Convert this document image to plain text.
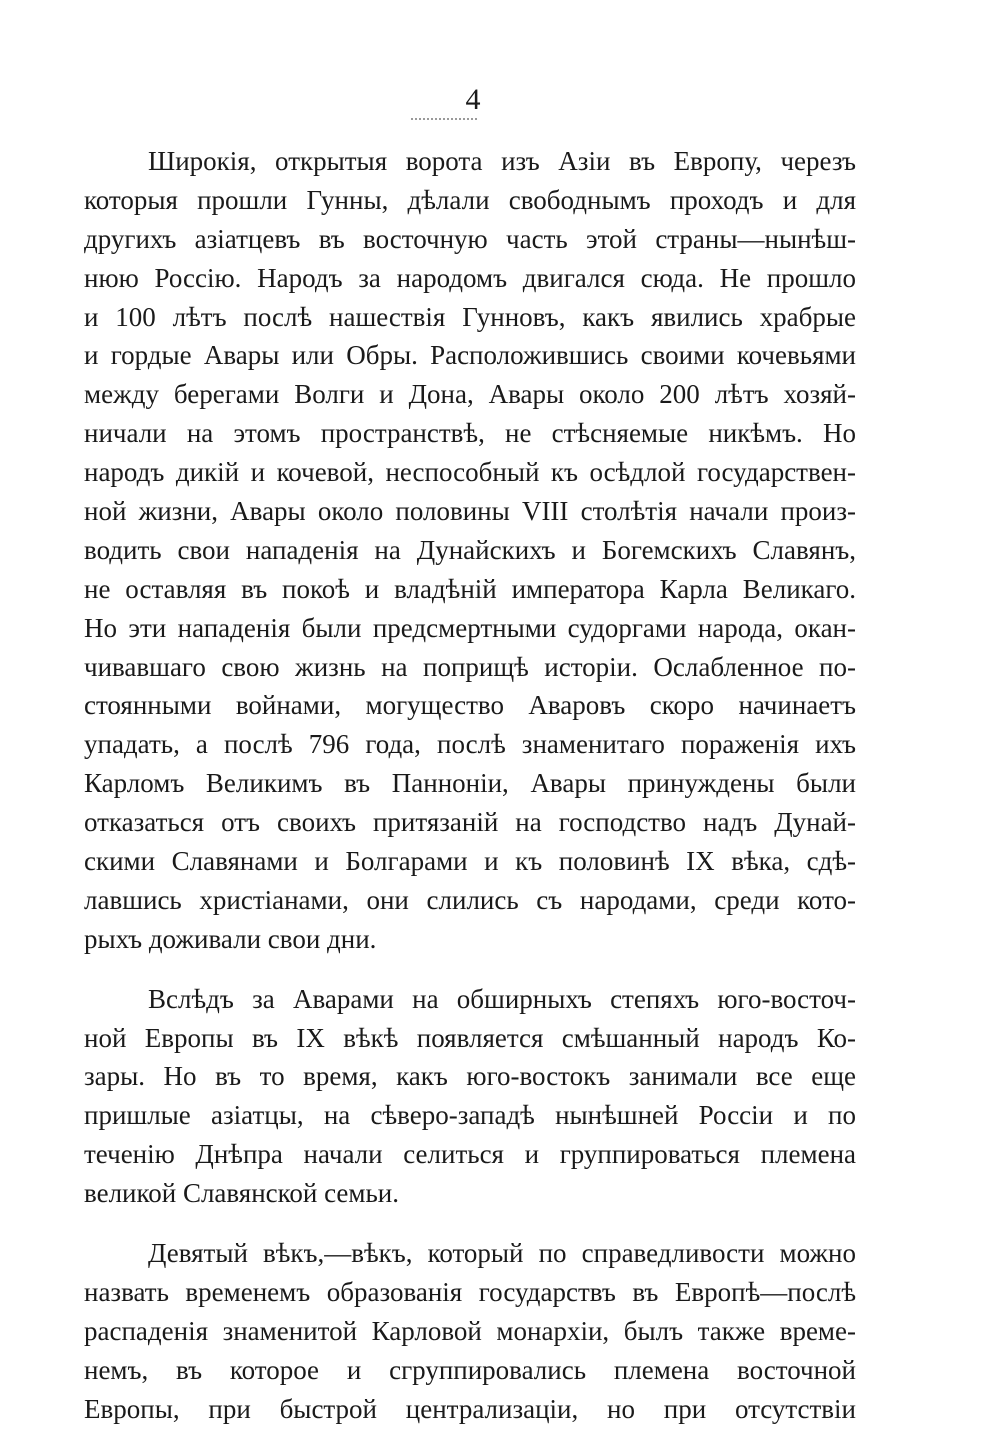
4
Широкія, открытыя ворота изъ Азіи въ Европу, черезъ
которыя прошли Гунны, дѣлали свободнымъ проходъ и для
другихъ азіатцевъ въ восточную часть этой страны—нынѣш-
нюю Россію. Народъ за народомъ двигался сюда. Не прошло
и 100 лѣтъ послѣ нашествія Гунновъ, какъ явились храбрые
и гордые Авары или Обры. Расположившись своими кочевьями
между берегами Волги и Дона, Авары около 200 лѣтъ хозяй-
ничали на этомъ пространствѣ, не стѣсняемые никѣмъ. Но
народъ дикій и кочевой, неспособный къ осѣдлой государствен-
ной жизни, Авары около половины VIII столѣтія начали произ-
водить свои нападенія на Дунайскихъ и Богемскихъ Славянъ,
не оставляя въ покоѣ и владѣній императора Карла Великаго.
Но эти нападенія были предсмертными судоргами народа, окан-
чивавшаго свою жизнь на поприщѣ исторіи. Ослабленное по-
стоянными войнами, могущество Аваровъ скоро начинаетъ
упадать, а послѣ 796 года, послѣ знаменитаго пораженія ихъ
Карломъ Великимъ въ Панноніи, Авары принуждены были
отказаться отъ своихъ притязаній на господство надъ Дунай-
скими Славянами и Болгарами и къ половинѣ IX вѣка, сдѣ-
лавшись христіанами, они слились съ народами, среди кото-
рыхъ доживали свои дни.
Вслѣдъ за Аварами на обширныхъ степяхъ юго-восточ-
ной Европы въ IX вѣкѣ появляется смѣшанный народъ Ко-
зары. Но въ то время, какъ юго-востокъ занимали все еще
пришлые азіатцы, на сѣверо-западѣ нынѣшней Россіи и по
теченію Днѣпра начали селиться и группироваться племена
великой Славянской семьи.
Девятый вѣкъ,—вѣкъ, который по справедливости можно
назвать временемъ образованія государствъ въ Европѣ—послѣ
распаденія знаменитой Карловой монархіи, былъ также време-
немъ, въ которое и сгруппировались племена восточной
Европы, при быстрой централизаціи, но при отсутствіи
